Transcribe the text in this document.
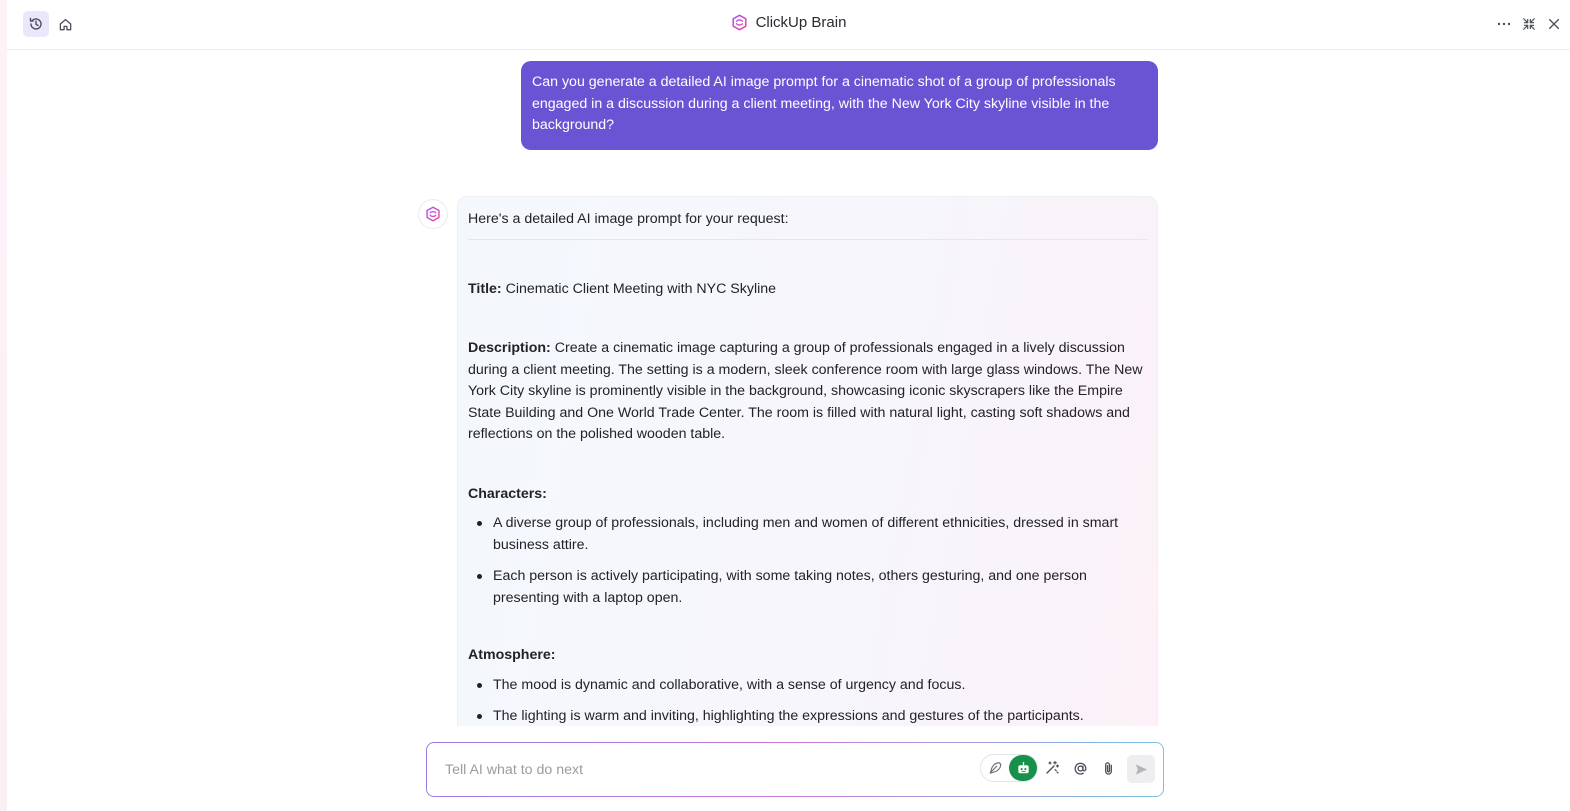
ClickUp Brain
Can you generate a detailed AI image prompt for a cinematic shot of a group of professionals engaged in a discussion during a client meeting, with the New York City skyline visible in the background?
Here's a detailed AI image prompt for your request:

Title: Cinematic Client Meeting with NYC Skyline

Description: Create a cinematic image capturing a group of professionals engaged in a lively discussion during a client meeting. The setting is a modern, sleek conference room with large glass windows. The New York City skyline is prominently visible in the background, showcasing iconic skyscrapers like the Empire State Building and One World Trade Center. The room is filled with natural light, casting soft shadows and reflections on the polished wooden table.

Characters:

A diverse group of professionals, including men and women of different ethnicities, dressed in smart business attire.
Each person is actively participating, with some taking notes, others gesturing, and one person presenting with a laptop open.

Atmosphere:

The mood is dynamic and collaborative, with a sense of urgency and focus.
The lighting is warm and inviting, highlighting the expressions and gestures of the participants.
Tell AI what to do next
